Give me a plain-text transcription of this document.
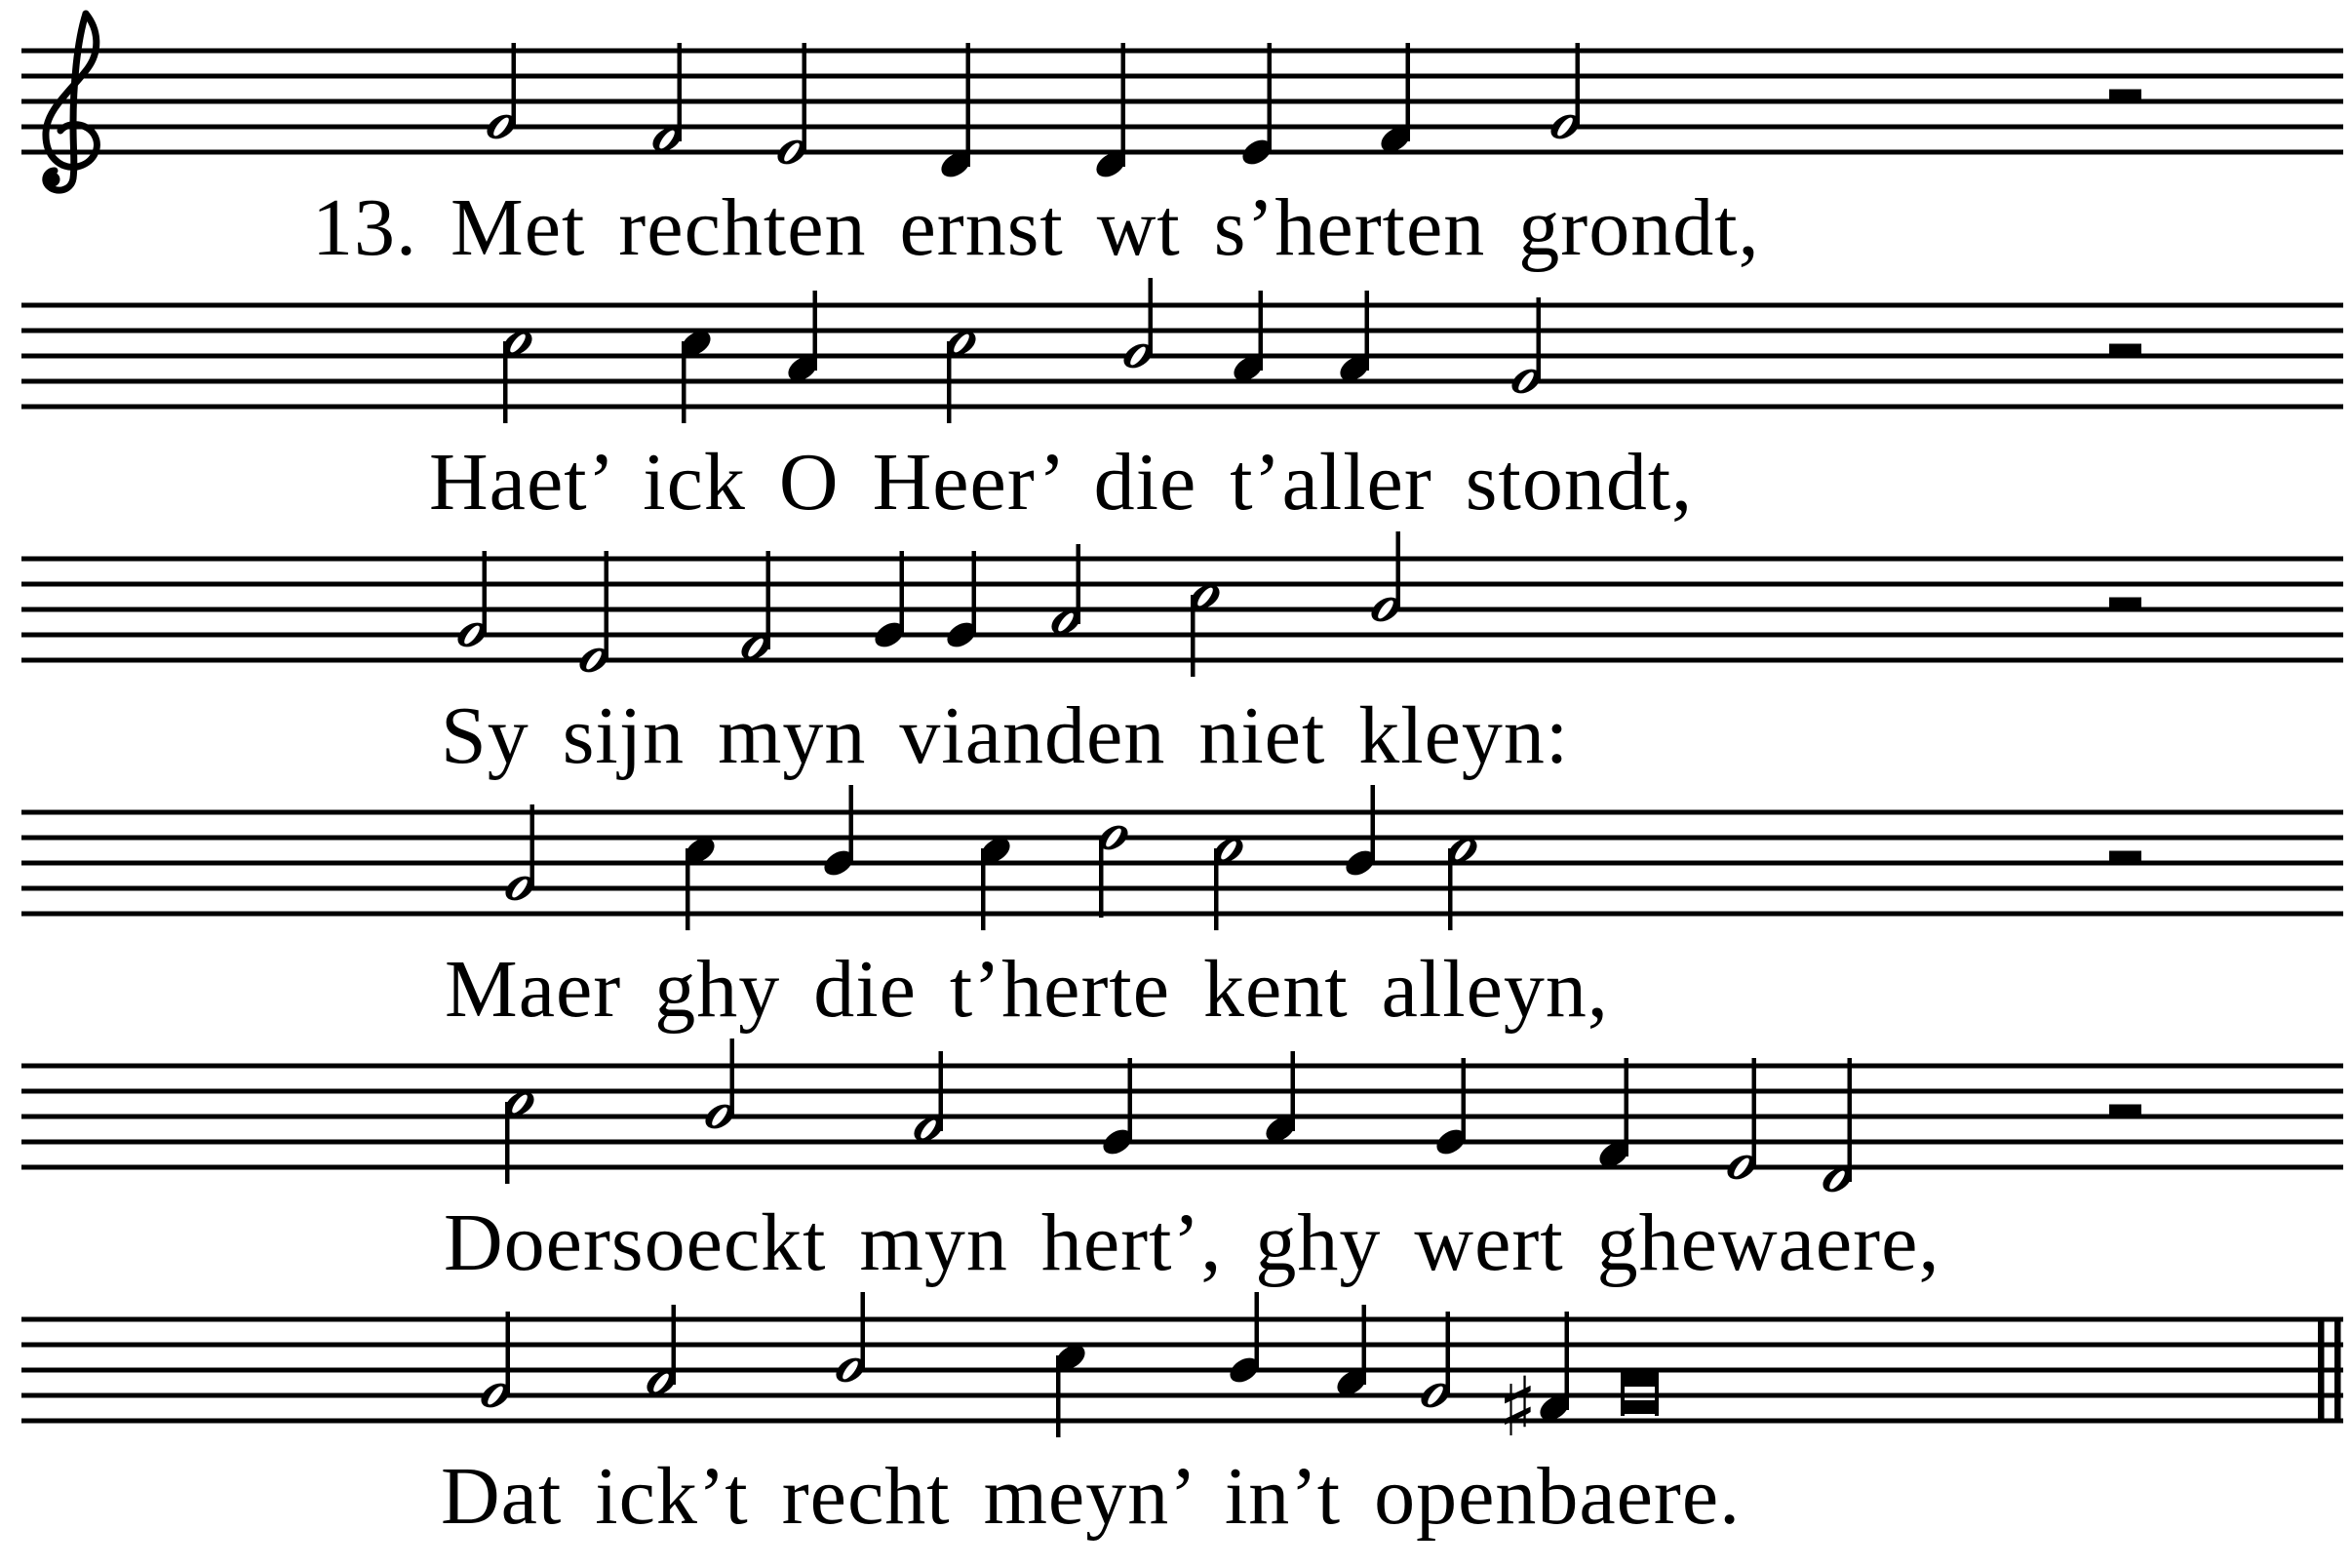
13. Met rechten ernst wt s’herten grondt,
Haet’ ick O Heer’ die t’aller stondt,
Sy sijn myn vianden niet kleyn:
Maer ghy die t’herte kent alleyn,
Doersoeckt myn hert’, ghy wert ghewaere,
♯
Dat ick’t recht meyn’ in’t openbaere.
